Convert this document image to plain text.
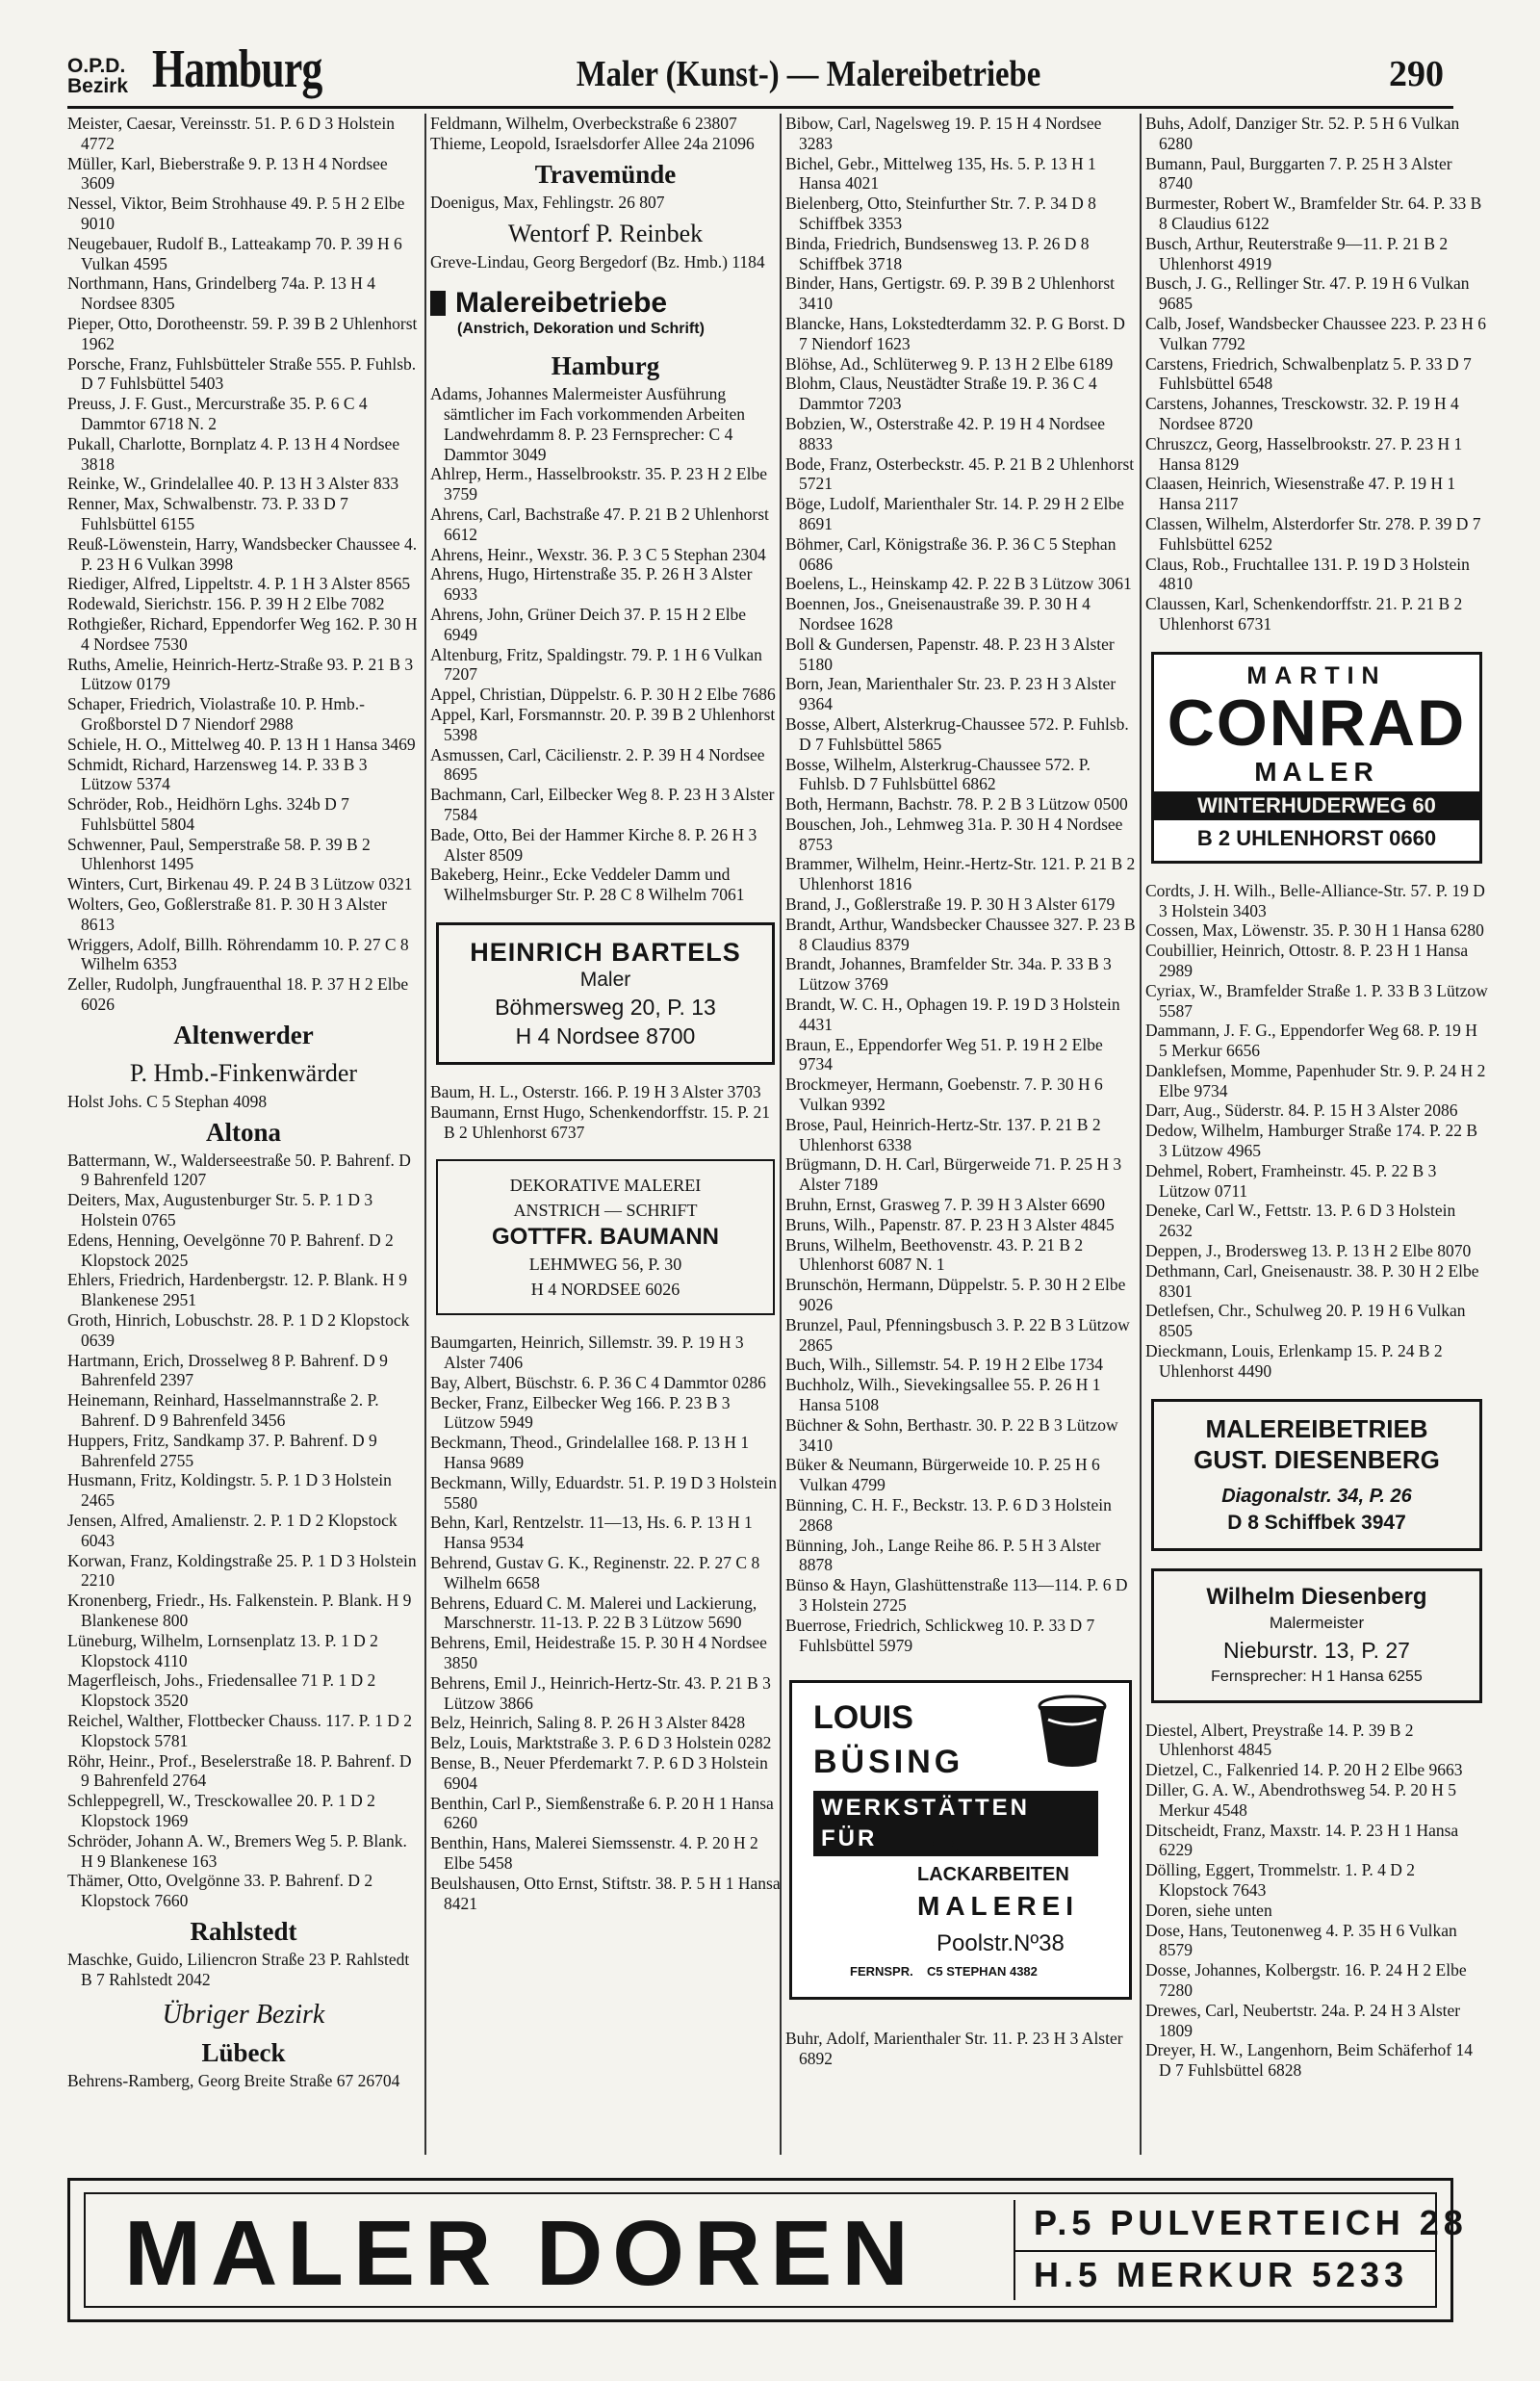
O.P.D.
Bezirk Hamburg	Maler (Kunst-) — Malereibetriebe	290
Meister, Caesar, Vereinsstr. 51. P. 6 D 3 Holstein 4772
Müller, Karl, Bieberstraße 9. P. 13 H 4 Nordsee 3609
Nessel, Viktor, Beim Strohhause 49. P. 5 H 2 Elbe 9010
Neugebauer, Rudolf B., Latteakamp 70. P. 39 H 6 Vulkan 4595
Northmann, Hans, Grindelberg 74a. P. 13 H 4 Nordsee 8305
Pieper, Otto, Dorotheenstr. 59. P. 39 B 2 Uhlenhorst 1962
Porsche, Franz, Fuhlsbütteler Straße 555. P. Fuhlsb. D 7 Fuhlsbüttel 5403
Preuss, J. F. Gust., Mercurstraße 35. P. 6 C 4 Dammtor 6718 N. 2
Pukall, Charlotte, Bornplatz 4. P. 13 H 4 Nordsee 3818
Reinke, W., Grindelallee 40. P. 13 H 3 Alster 833
Renner, Max, Schwalbenstr. 73. P. 33 D 7 Fuhlsbüttel 6155
Reuß-Löwenstein, Harry, Wandsbecker Chaussee 4. P. 23 H 6 Vulkan 3998
Riediger, Alfred, Lippeltstr. 4. P. 1 H 3 Alster 8565
Rodewald, Sierichstr. 156. P. 39 H 2 Elbe 7082
Rothgießer, Richard, Eppendorfer Weg 162. P. 30 H 4 Nordsee 7530
Ruths, Amelie, Heinrich-Hertz-Straße 93. P. 21 B 3 Lützow 0179
Schaper, Friedrich, Violastraße 10. P. Hmb.-Großborstel D 7 Niendorf 2988
Schiele, H. O., Mittelweg 40. P. 13 H 1 Hansa 3469
Schmidt, Richard, Harzensweg 14. P. 33 B 3 Lützow 5374
Schröder, Rob., Heidhörn Lghs. 324b D 7 Fuhlsbüttel 5804
Schwenner, Paul, Semperstraße 58. P. 39 B 2 Uhlenhorst 1495
Winters, Curt, Birkenau 49. P. 24 B 3 Lützow 0321
Wolters, Geo, Goßlerstraße 81. P. 30 H 3 Alster 8613
Wriggers, Adolf, Billh. Röhrendamm 10. P. 27 C 8 Wilhelm 6353
Zeller, Rudolph, Jungfrauenthal 18. P. 37 H 2 Elbe 6026
Altenwerder
P. Hmb.-Finkenwärder
Holst Johs. C 5 Stephan 4098
Altona
Battermann, W., Walderseestraße 50. P. Bahrenf. D 9 Bahrenfeld 1207
Deiters, Max, Augustenburger Str. 5. P. 1 D 3 Holstein 0765
Edens, Henning, Oevelgönne 70 P. Bahrenf. D 2 Klopstock 2025
Ehlers, Friedrich, Hardenbergstr. 12. P. Blank. H 9 Blankenese 2951
Groth, Hinrich, Lobuschstr. 28. P. 1 D 2 Klopstock 0639
Hartmann, Erich, Drosselweg 8 P. Bahrenf. D 9 Bahrenfeld 2397
Heinemann, Reinhard, Hasselmannstraße 2. P. Bahrenf. D 9 Bahrenfeld 3456
Huppers, Fritz, Sandkamp 37. P. Bahrenf. D 9 Bahrenfeld 2755
Husmann, Fritz, Koldingstr. 5. P. 1 D 3 Holstein 2465
Jensen, Alfred, Amalienstr. 2. P. 1 D 2 Klopstock 6043
Korwan, Franz, Koldingstraße 25. P. 1 D 3 Holstein 2210
Kronenberg, Friedr., Hs. Falkenstein. P. Blank. H 9 Blankenese 800
Lüneburg, Wilhelm, Lornsenplatz 13. P. 1 D 2 Klopstock 4110
Magerfleisch, Johs., Friedensallee 71 P. 1 D 2 Klopstock 3520
Reichel, Walther, Flottbecker Chauss. 117. P. 1 D 2 Klopstock 5781
Röhr, Heinr., Prof., Beselerstraße 18. P. Bahrenf. D 9 Bahrenfeld 2764
Schleppegrell, W., Tresckowallee 20. P. 1 D 2 Klopstock 1969
Schröder, Johann A. W., Bremers Weg 5. P. Blank. H 9 Blankenese 163
Thämer, Otto, Ovelgönne 33. P. Bahrenf. D 2 Klopstock 7660
Rahlstedt
Maschke, Guido, Liliencron Straße 23 P. Rahlstedt B 7 Rahlstedt 2042
Übriger Bezirk
Lübeck
Behrens-Ramberg, Georg Breite Straße 67 26704
Feldmann, Wilhelm, Overbeckstraße 6 23807
Thieme, Leopold, Israelsdorfer Allee 24a 21096
Travemünde
Doenigus, Max, Fehlingstr. 26 807
Wentorf P. Reinbek
Greve-Lindau, Georg Bergedorf (Bz. Hmb.) 1184
Malereibetriebe
(Anstrich, Dekoration und Schrift)
Hamburg
Adams, Johannes Malermeister Ausführung sämtlicher im Fach vorkommenden Arbeiten Landwehrdamm 8. P. 23 Fernsprecher: C 4 Dammtor 3049
Ahlrep, Herm., Hasselbrookstr. 35. P. 23 H 2 Elbe 3759
Ahrens, Carl, Bachstraße 47. P. 21 B 2 Uhlenhorst 6612
Ahrens, Heinr., Wexstr. 36. P. 3 C 5 Stephan 2304
Ahrens, Hugo, Hirtenstraße 35. P. 26 H 3 Alster 6933
Ahrens, John, Grüner Deich 37. P. 15 H 2 Elbe 6949
Altenburg, Fritz, Spaldingstr. 79. P. 1 H 6 Vulkan 7207
Appel, Christian, Düppelstr. 6. P. 30 H 2 Elbe 7686
Appel, Karl, Forsmannstr. 20. P. 39 B 2 Uhlenhorst 5398
Asmussen, Carl, Cäcilienstr. 2. P. 39 H 4 Nordsee 8695
Bachmann, Carl, Eilbecker Weg 8. P. 23 H 3 Alster 7584
Bade, Otto, Bei der Hammer Kirche 8. P. 26 H 3 Alster 8509
Bakeberg, Heinr., Ecke Veddeler Damm und Wilhelmsburger Str. P. 28 C 8 Wilhelm 7061
HEINRICH BARTELS
Maler
Böhmersweg 20, P. 13
H 4 Nordsee 8700
Baum, H. L., Osterstr. 166. P. 19 H 3 Alster 3703
Baumann, Ernst Hugo, Schenkendorffstr. 15. P. 21 B 2 Uhlenhorst 6737
DEKORATIVE MALEREI
ANSTRICH — SCHRIFT
GOTTFR. BAUMANN
LEHMWEG 56, P. 30
H 4 NORDSEE 6026
Baumgarten, Heinrich, Sillemstr. 39. P. 19 H 3 Alster 7406
Bay, Albert, Büschstr. 6. P. 36 C 4 Dammtor 0286
Becker, Franz, Eilbecker Weg 166. P. 23 B 3 Lützow 5949
Beckmann, Theod., Grindelallee 168. P. 13 H 1 Hansa 9689
Beckmann, Willy, Eduardstr. 51. P. 19 D 3 Holstein 5580
Behn, Karl, Rentzelstr. 11—13, Hs. 6. P. 13 H 1 Hansa 9534
Behrend, Gustav G. K., Reginenstr. 22. P. 27 C 8 Wilhelm 6658
Behrens, Eduard C. M. Malerei und Lackierung, Marschnerstr. 11-13. P. 22 B 3 Lützow 5690
Behrens, Emil, Heidestraße 15. P. 30 H 4 Nordsee 3850
Behrens, Emil J., Heinrich-Hertz-Str. 43. P. 21 B 3 Lützow 3866
Belz, Heinrich, Saling 8. P. 26 H 3 Alster 8428
Belz, Louis, Marktstraße 3. P. 6 D 3 Holstein 0282
Bense, B., Neuer Pferdemarkt 7. P. 6 D 3 Holstein 6904
Benthin, Carl P., Siemßenstraße 6. P. 20 H 1 Hansa 6260
Benthin, Hans, Malerei Siemssenstr. 4. P. 20 H 2 Elbe 5458
Beulshausen, Otto Ernst, Stiftstr. 38. P. 5 H 1 Hansa 8421
Bibow, Carl, Nagelsweg 19. P. 15 H 4 Nordsee 3283
Bichel, Gebr., Mittelweg 135, Hs. 5. P. 13 H 1 Hansa 4021
Bielenberg, Otto, Steinfurther Str. 7. P. 34 D 8 Schiffbek 3353
Binda, Friedrich, Bundsensweg 13. P. 26 D 8 Schiffbek 3718
Binder, Hans, Gertigstr. 69. P. 39 B 2 Uhlenhorst 3410
Blancke, Hans, Lokstedterdamm 32. P. G Borst. D 7 Niendorf 1623
Blöhse, Ad., Schlüterweg 9. P. 13 H 2 Elbe 6189
Blohm, Claus, Neustädter Straße 19. P. 36 C 4 Dammtor 7203
Bobzien, W., Osterstraße 42. P. 19 H 4 Nordsee 8833
Bode, Franz, Osterbeckstr. 45. P. 21 B 2 Uhlenhorst 5721
Böge, Ludolf, Marienthaler Str. 14. P. 29 H 2 Elbe 8691
Böhmer, Carl, Königstraße 36. P. 36 C 5 Stephan 0686
Boelens, L., Heinskamp 42. P. 22 B 3 Lützow 3061
Boennen, Jos., Gneisenaustraße 39. P. 30 H 4 Nordsee 1628
Boll & Gundersen, Papenstr. 48. P. 23 H 3 Alster 5180
Born, Jean, Marienthaler Str. 23. P. 23 H 3 Alster 9364
Bosse, Albert, Alsterkrug-Chaussee 572. P. Fuhlsb. D 7 Fuhlsbüttel 5865
Bosse, Wilhelm, Alsterkrug-Chaussee 572. P. Fuhlsb. D 7 Fuhlsbüttel 6862
Both, Hermann, Bachstr. 78. P. 2 B 3 Lützow 0500
Bouschen, Joh., Lehmweg 31a. P. 30 H 4 Nordsee 8753
Brammer, Wilhelm, Heinr.-Hertz-Str. 121. P. 21 B 2 Uhlenhorst 1816
Brand, J., Goßlerstraße 19. P. 30 H 3 Alster 6179
Brandt, Arthur, Wandsbecker Chaussee 327. P. 23 B 8 Claudius 8379
Brandt, Johannes, Bramfelder Str. 34a. P. 33 B 3 Lützow 3769
Brandt, W. C. H., Ophagen 19. P. 19 D 3 Holstein 4431
Braun, E., Eppendorfer Weg 51. P. 19 H 2 Elbe 9734
Brockmeyer, Hermann, Goebenstr. 7. P. 30 H 6 Vulkan 9392
Brose, Paul, Heinrich-Hertz-Str. 137. P. 21 B 2 Uhlenhorst 6338
Brügmann, D. H. Carl, Bürgerweide 71. P. 25 H 3 Alster 7189
Bruhn, Ernst, Grasweg 7. P. 39 H 3 Alster 6690
Bruns, Wilh., Papenstr. 87. P. 23 H 3 Alster 4845
Bruns, Wilhelm, Beethovenstr. 43. P. 21 B 2 Uhlenhorst 6087 N. 1
Brunschön, Hermann, Düppelstr. 5. P. 30 H 2 Elbe 9026
Brunzel, Paul, Pfenningsbusch 3. P. 22 B 3 Lützow 2865
Buch, Wilh., Sillemstr. 54. P. 19 H 2 Elbe 1734
Buchholz, Wilh., Sievekingsallee 55. P. 26 H 1 Hansa 5108
Büchner & Sohn, Berthastr. 30. P. 22 B 3 Lützow 3410
Büker & Neumann, Bürgerweide 10. P. 25 H 6 Vulkan 4799
Bünning, C. H. F., Beckstr. 13. P. 6 D 3 Holstein 2868
Bünning, Joh., Lange Reihe 86. P. 5 H 3 Alster 8878
Bünso & Hayn, Glashüttenstraße 113—114. P. 6 D 3 Holstein 2725
Buerrose, Friedrich, Schlickweg 10. P. 33 D 7 Fuhlsbüttel 5979
LOUIS
BÜSING
WERKSTÄTTEN FÜR	FEINE
LACKARBEITEN
MALEREI
Poolstr.Nº38
FERNSPR. C5 STEPHAN 4382
Buhr, Adolf, Marienthaler Str. 11. P. 23 H 3 Alster 6892
Buhs, Adolf, Danziger Str. 52. P. 5 H 6 Vulkan 6280
Bumann, Paul, Burggarten 7. P. 25 H 3 Alster 8740
Burmester, Robert W., Bramfelder Str. 64. P. 33 B 8 Claudius 6122
Busch, Arthur, Reuterstraße 9—11. P. 21 B 2 Uhlenhorst 4919
Busch, J. G., Rellinger Str. 47. P. 19 H 6 Vulkan 9685
Calb, Josef, Wandsbecker Chaussee 223. P. 23 H 6 Vulkan 7792
Carstens, Friedrich, Schwalbenplatz 5. P. 33 D 7 Fuhlsbüttel 6548
Carstens, Johannes, Tresckowstr. 32. P. 19 H 4 Nordsee 8720
Chruszcz, Georg, Hasselbrookstr. 27. P. 23 H 1 Hansa 8129
Claasen, Heinrich, Wiesenstraße 47. P. 19 H 1 Hansa 2117
Classen, Wilhelm, Alsterdorfer Str. 278. P. 39 D 7 Fuhlsbüttel 6252
Claus, Rob., Fruchtallee 131. P. 19 D 3 Holstein 4810
Claussen, Karl, Schenkendorffstr. 21. P. 21 B 2 Uhlenhorst 6731
MARTIN
CONRAD
MALER
WINTERHUDERWEG 60
B 2 UHLENHORST 0660
Cordts, J. H. Wilh., Belle-Alliance-Str. 57. P. 19 D 3 Holstein 3403
Cossen, Max, Löwenstr. 35. P. 30 H 1 Hansa 6280
Coubillier, Heinrich, Ottostr. 8. P. 23 H 1 Hansa 2989
Cyriax, W., Bramfelder Straße 1. P. 33 B 3 Lützow 5587
Dammann, J. F. G., Eppendorfer Weg 68. P. 19 H 5 Merkur 6656
Danklefsen, Momme, Papenhuder Str. 9. P. 24 H 2 Elbe 9734
Darr, Aug., Süderstr. 84. P. 15 H 3 Alster 2086
Dedow, Wilhelm, Hamburger Straße 174. P. 22 B 3 Lützow 4965
Dehmel, Robert, Framheinstr. 45. P. 22 B 3 Lützow 0711
Deneke, Carl W., Fettstr. 13. P. 6 D 3 Holstein 2632
Deppen, J., Brodersweg 13. P. 13 H 2 Elbe 8070
Dethmann, Carl, Gneisenaustr. 38. P. 30 H 2 Elbe 8301
Detlefsen, Chr., Schulweg 20. P. 19 H 6 Vulkan 8505
Dieckmann, Louis, Erlenkamp 15. P. 24 B 2 Uhlenhorst 4490
MALEREIBETRIEB
GUST. DIESENBERG
Diagonalstr. 34, P. 26
D 8 Schiffbek 3947
Wilhelm Diesenberg
Malermeister
Nieburstr. 13, P. 27
Fernsprecher: H 1 Hansa 6255
Diestel, Albert, Preystraße 14. P. 39 B 2 Uhlenhorst 4845
Dietzel, C., Falkenried 14. P. 20 H 2 Elbe 9663
Diller, G. A. W., Abendrothsweg 54. P. 20 H 5 Merkur 4548
Ditscheidt, Franz, Maxstr. 14. P. 23 H 1 Hansa 6229
Dölling, Eggert, Trommelstr. 1. P. 4 D 2 Klopstock 7643
Doren, siehe unten
Dose, Hans, Teutonenweg 4. P. 35 H 6 Vulkan 8579
Dosse, Johannes, Kolbergstr. 16. P. 24 H 2 Elbe 7280
Drewes, Carl, Neubertstr. 24a. P. 24 H 3 Alster 1809
Dreyer, H. W., Langenhorn, Beim Schäferhof 14 D 7 Fuhlsbüttel 6828
MALER DOREN	P.5 PULVERTEICH 28
H.5 MERKUR 5233
